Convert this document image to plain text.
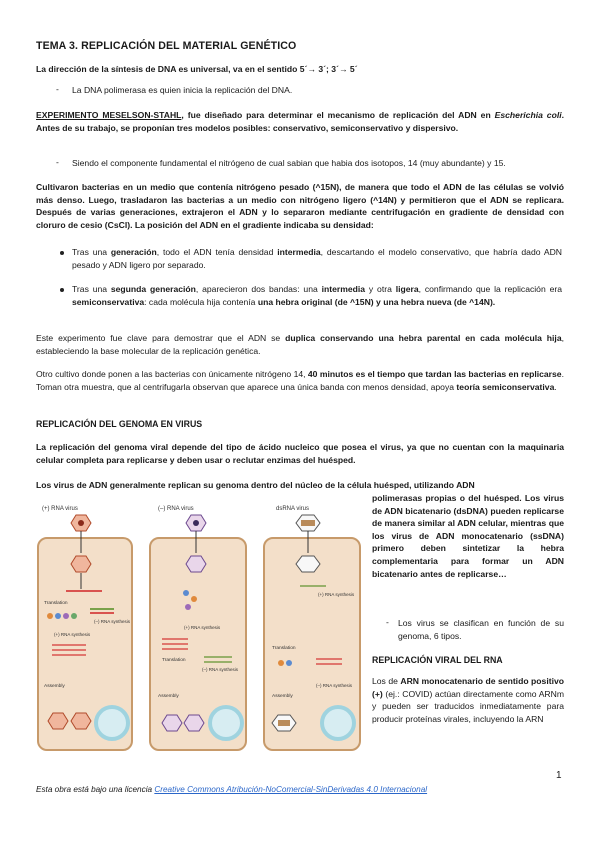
TEMA 3. REPLICACIÓN DEL MATERIAL GENÉTICO
La dirección de la síntesis de DNA es universal, va en el sentido 5´→ 3´; 3´→ 5´
- La DNA polimerasa es quien inicia la replicación del DNA.
EXPERIMENTO MESELSON-STAHL, fue diseñado para determinar el mecanismo de replicación del ADN en Escherichia coli. Antes de su trabajo, se proponían tres modelos posibles: conservativo, semiconservativo y dispersivo.
- Siendo el componente fundamental el nitrógeno de cual sabian que habia dos isotopos, 14 (muy abundante) y 15.
Cultivaron bacterias en un medio que contenía nitrógeno pesado (^15N), de manera que todo el ADN de las células se volvió más denso. Luego, trasladaron las bacterias a un medio con nitrógeno ligero (^14N) y permitieron que el ADN se replicara. Después de varias generaciones, extrajeron el ADN y lo separaron mediante centrifugación en gradiente de densidad con cloruro de cesio (CsCl). La posición del ADN en el gradiente indicaba su densidad:
Tras una generación, todo el ADN tenía densidad intermedia, descartando el modelo conservativo, que habría dado ADN pesado y ADN ligero por separado.
Tras una segunda generación, aparecieron dos bandas: una intermedia y otra ligera, confirmando que la replicación era semiconservativa: cada molécula hija contenía una hebra original (de ^15N) y una hebra nueva (de ^14N).
Este experimento fue clave para demostrar que el ADN se duplica conservando una hebra parental en cada molécula hija, estableciendo la base molecular de la replicación genética.
Otro cultivo donde ponen a las bacterias con únicamente nitrógeno 14, 40 minutos es el tiempo que tardan las bacterias en replicarse. Toman otra muestra, que al centrifugarla observan que aparece una única banda con menos densidad, apoya teoría semiconservativa.
REPLICACIÓN DEL GENOMA EN VIRUS
La replicación del genoma viral depende del tipo de ácido nucleico que posea el virus, ya que no cuentan con la maquinaria celular completa para replicarse y deben usar o reclutar enzimas del huésped.
Los virus de ADN generalmente replican su genoma dentro del núcleo de la célula huésped, utilizando ADN
(+) RNA virus
Translation
(–) RNA synthesis
(+) RNA synthesis
Assembly
(–) RNA virus
(+) RNA synthesis
Translation
(–) RNA synthesis
Assembly
dsRNA virus
(+) RNA synthesis
Translation
(–) RNA synthesis
Assembly
polimerasas propias o del huésped. Los virus de ADN bicatenario (dsDNA) pueden replicarse de manera similar al ADN celular, mientras que los virus de ADN monocatenario (ssDNA) primero deben sintetizar la hebra complementaria para formar un ADN bicatenario antes de replicarse…
- Los virus se clasifican en función de su genoma, 6 tipos.
REPLICACIÓN VIRAL DEL RNA
Los de ARN monocatenario de sentido positivo (+) (ej.: COVID) actúan directamente como ARNm y pueden ser traducidos inmediatamente para producir proteínas virales, incluyendo la ARN
1
Esta obra está bajo una licencia Creative Commons Atribución-NoComercial-SinDerivadas 4.0 Internacional
